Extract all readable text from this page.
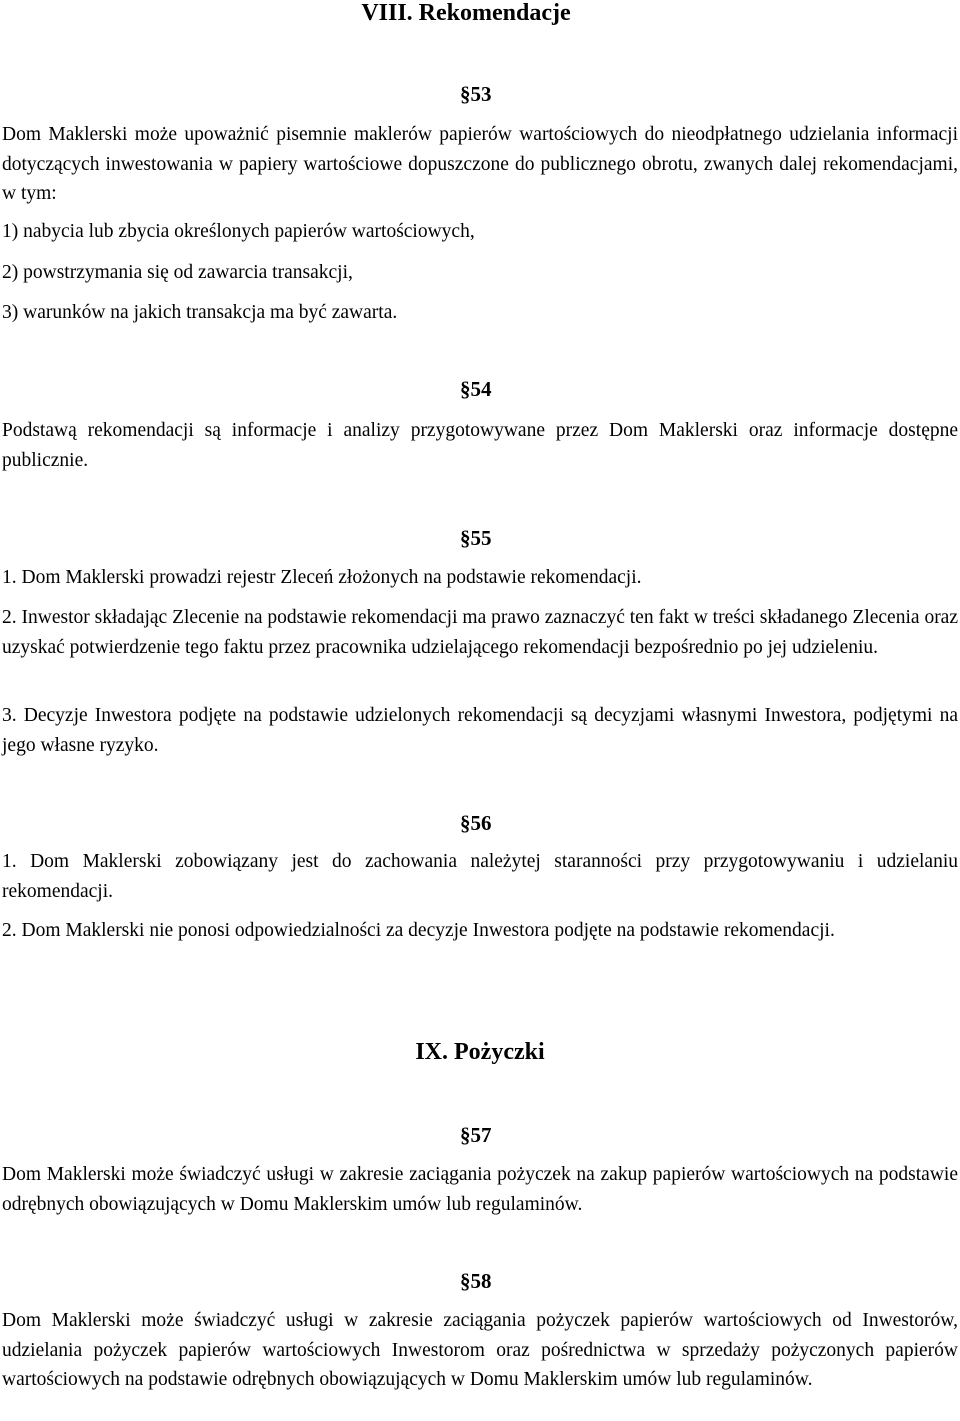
VIII. Rekomendacje
§53
Dom Maklerski może upoważnić pisemnie maklerów papierów wartościowych do nieodpłatnego udzielania informacji dotyczących inwestowania w papiery wartościowe dopuszczone do publicznego obrotu, zwanych dalej rekomendacjami, w tym:
1) nabycia lub zbycia określonych papierów wartościowych,
2) powstrzymania się od zawarcia transakcji,
3) warunków na jakich transakcja ma być zawarta.
§54
Podstawą rekomendacji są informacje i analizy przygotowywane przez Dom Maklerski oraz informacje dostępne publicznie.
§55
1. Dom Maklerski prowadzi rejestr Zleceń złożonych na podstawie rekomendacji.
2. Inwestor składając Zlecenie na podstawie rekomendacji ma prawo zaznaczyć ten fakt w treści składanego Zlecenia oraz uzyskać potwierdzenie tego faktu przez pracownika udzielającego rekomendacji bezpośrednio po jej udzieleniu.
3. Decyzje Inwestora podjęte na podstawie udzielonych rekomendacji są decyzjami własnymi Inwestora, podjętymi na jego własne ryzyko.
§56
1. Dom Maklerski zobowiązany jest do zachowania należytej staranności przy przygotowywaniu i udzielaniu rekomendacji.
2. Dom Maklerski nie ponosi odpowiedzialności za decyzje Inwestora podjęte na podstawie rekomendacji.
IX. Pożyczki
§57
Dom Maklerski może świadczyć usługi w zakresie zaciągania pożyczek na zakup papierów wartościowych na podstawie odrębnych obowiązujących w Domu Maklerskim umów lub regulaminów.
§58
Dom Maklerski może świadczyć usługi w zakresie zaciągania pożyczek papierów wartościowych od Inwestorów, udzielania pożyczek papierów wartościowych Inwestorom oraz pośrednictwa w sprzedaży pożyczonych papierów wartościowych na podstawie odrębnych obowiązujących w Domu Maklerskim umów lub regulaminów.
